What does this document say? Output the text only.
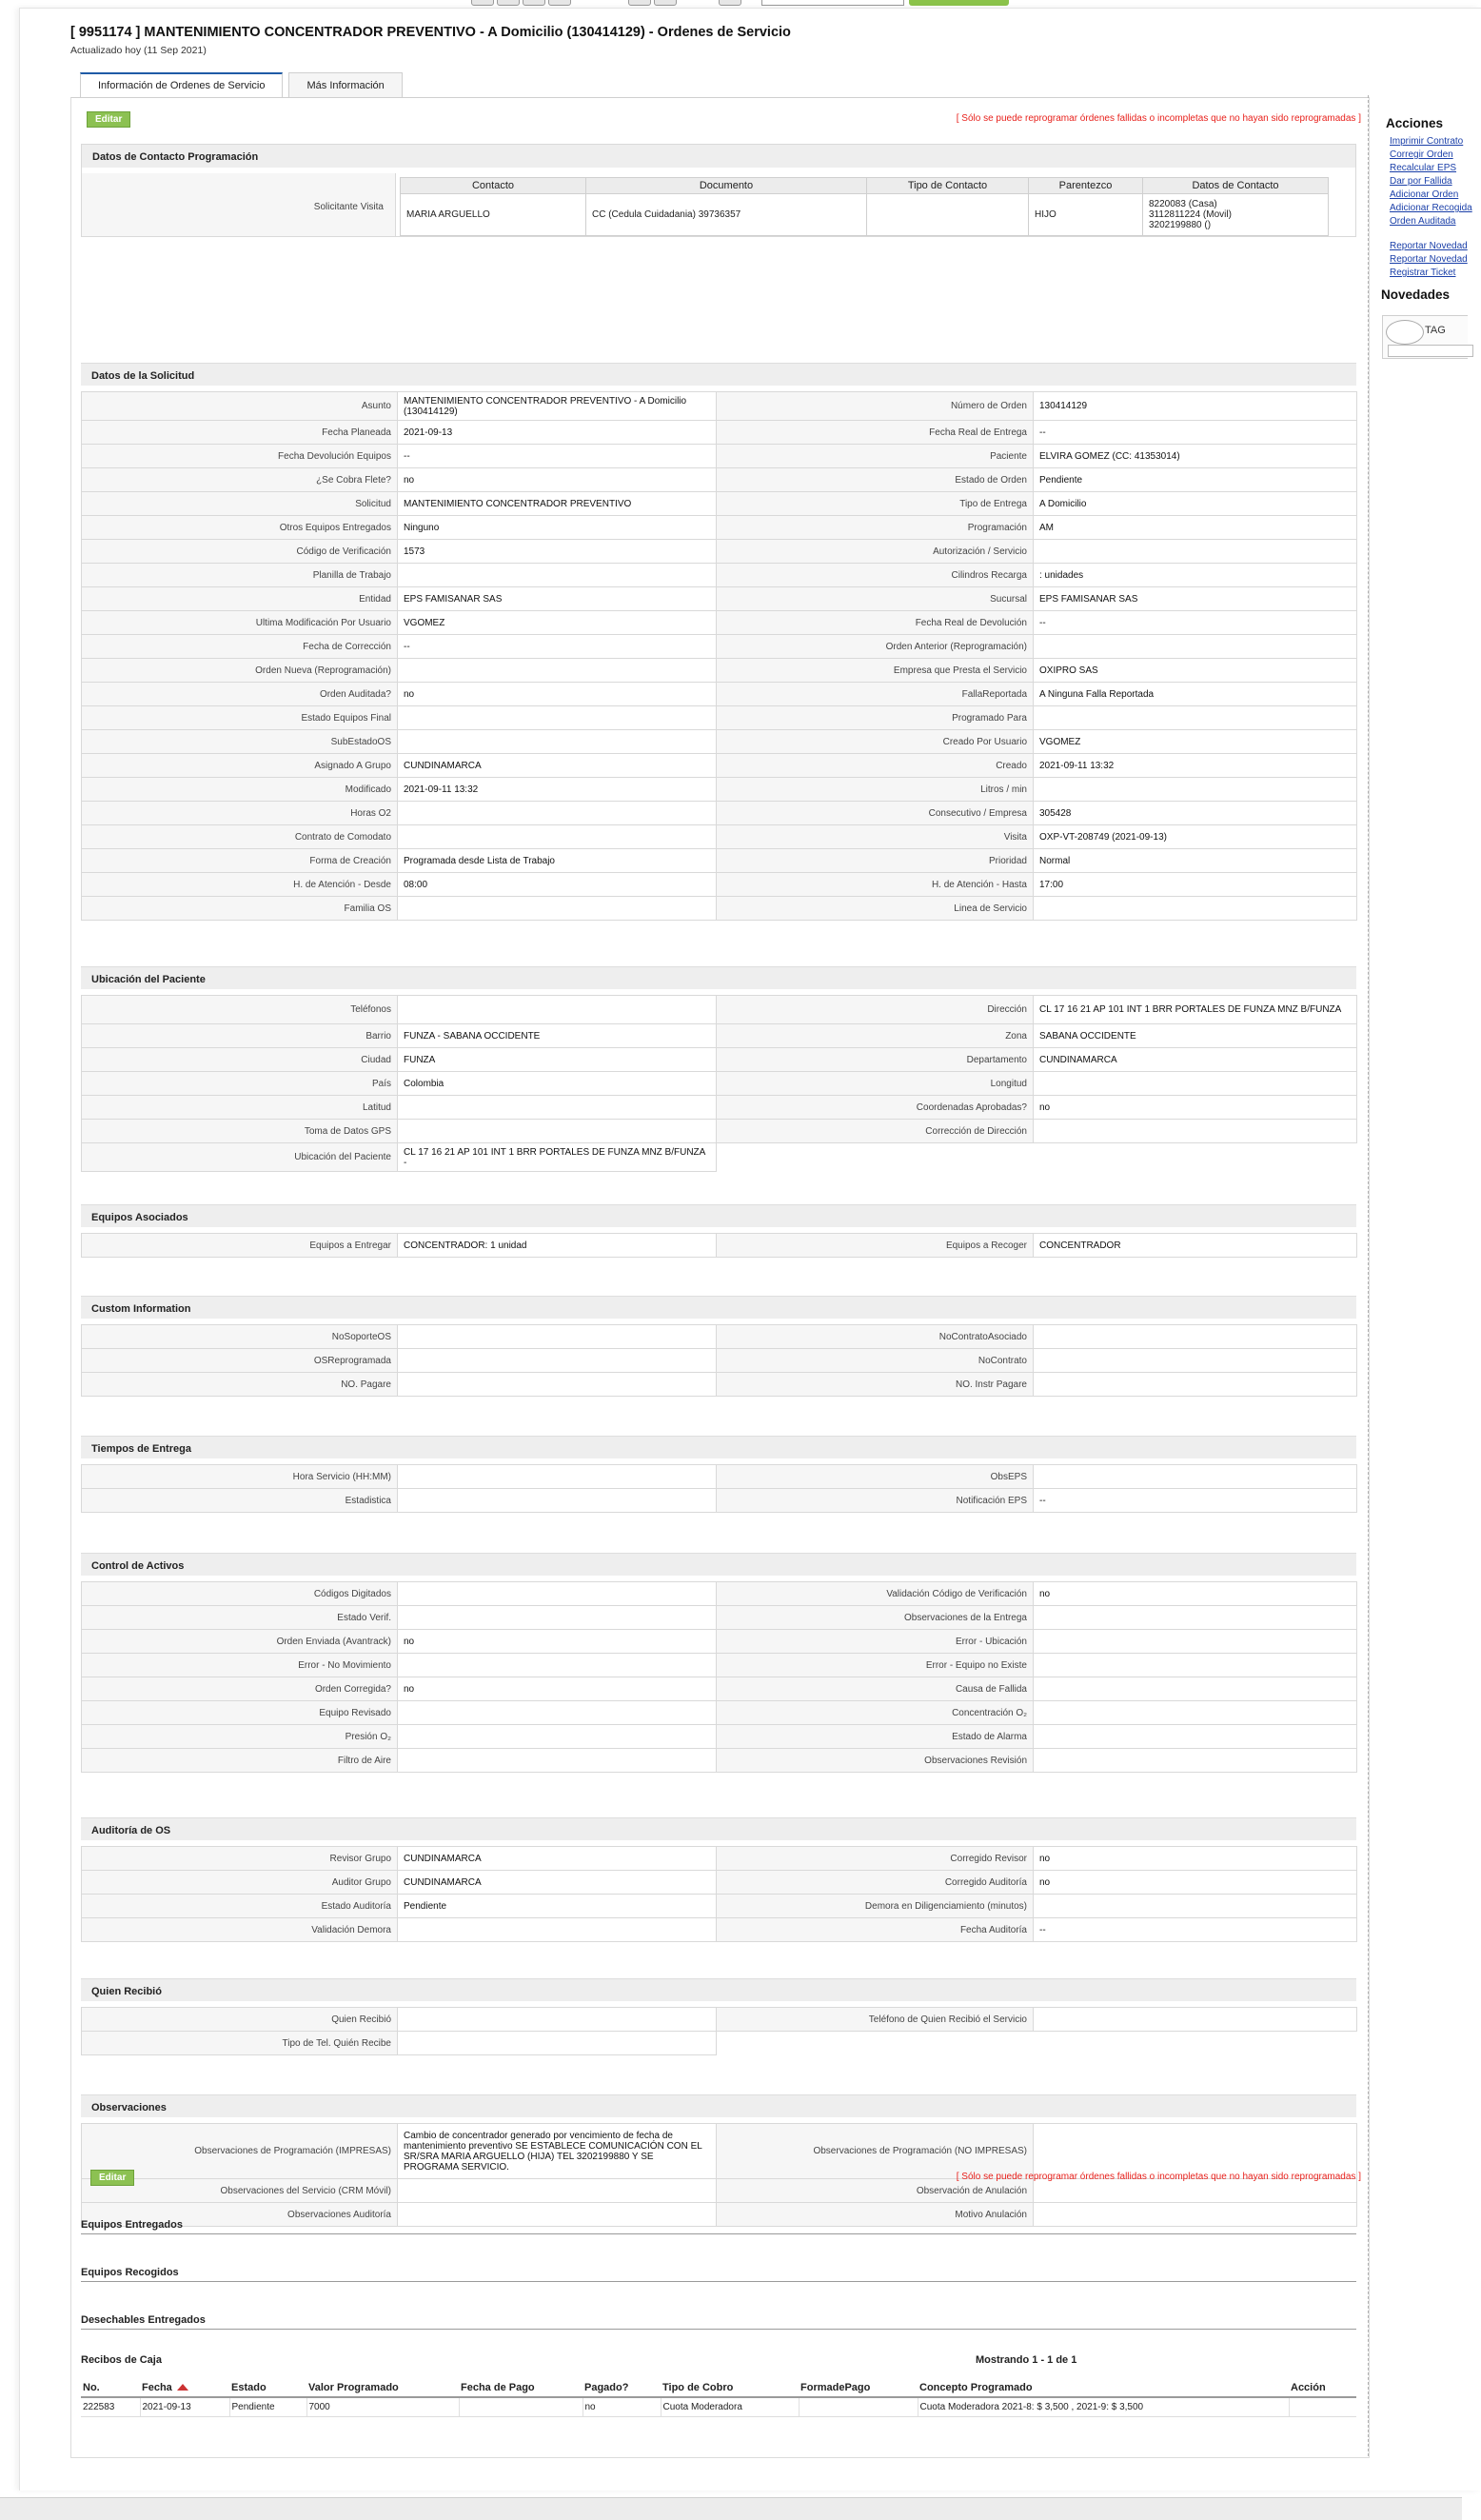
[ 9951174 ] MANTENIMIENTO CONCENTRADOR PREVENTIVO - A Domicilio (130414129) - Ordenes de Servicio
Actualizado hoy (11 Sep 2021)
Información de Ordenes de Servicio	Más Información
Editar	[ Sólo se puede reprogramar órdenes fallidas o incompletas que no hayan sido reprogramadas ]
Datos de Contacto Programación
Solicitante Visita
Contacto	Documento	Tipo de Contacto	Parentezco	Datos de Contacto
MARIA ARGUELLO	CC (Cedula Cuidadania) 39736357		HIJO	8220083 (Casa)
3112811224 (Movil)
3202199880 ()
Datos de la Solicitud
Asunto	MANTENIMIENTO CONCENTRADOR PREVENTIVO - A Domicilio (130414129)	Número de Orden	130414129
Fecha Planeada	2021-09-13	Fecha Real de Entrega	--
Fecha Devolución Equipos	--	Paciente	ELVIRA GOMEZ (CC: 41353014)
¿Se Cobra Flete?	no	Estado de Orden	Pendiente
Solicitud	MANTENIMIENTO CONCENTRADOR PREVENTIVO	Tipo de Entrega	A Domicilio
Otros Equipos Entregados	Ninguno	Programación	AM
Código de Verificación	1573	Autorización / Servicio	
Planilla de Trabajo		Cilindros Recarga	: unidades
Entidad	EPS FAMISANAR SAS	Sucursal	EPS FAMISANAR SAS
Ultima Modificación Por Usuario	VGOMEZ	Fecha Real de Devolución	--
Fecha de Corrección	--	Orden Anterior (Reprogramación)	
Orden Nueva (Reprogramación)		Empresa que Presta el Servicio	OXIPRO SAS
Orden Auditada?	no	FallaReportada	A Ninguna Falla Reportada
Estado Equipos Final		Programado Para	
SubEstadoOS		Creado Por Usuario	VGOMEZ
Asignado A Grupo	CUNDINAMARCA	Creado	2021-09-11 13:32
Modificado	2021-09-11 13:32	Litros / min	
Horas O2		Consecutivo / Empresa	305428
Contrato de Comodato		Visita	OXP-VT-208749 (2021-09-13)
Forma de Creación	Programada desde Lista de Trabajo	Prioridad	Normal
H. de Atención - Desde	08:00	H. de Atención - Hasta	17:00
Familia OS		Linea de Servicio	
Ubicación del Paciente
Teléfonos		Dirección	CL 17 16 21 AP 101 INT 1 BRR PORTALES DE FUNZA MNZ B/FUNZA
Barrio	FUNZA - SABANA OCCIDENTE	Zona	SABANA OCCIDENTE
Ciudad	FUNZA	Departamento	CUNDINAMARCA
País	Colombia	Longitud	
Latitud		Coordenadas Aprobadas?	no
Toma de Datos GPS		Corrección de Dirección	
Ubicación del Paciente	CL 17 16 21 AP 101 INT 1 BRR PORTALES DE FUNZA MNZ B/FUNZA -		
Equipos Asociados
Equipos a Entregar	CONCENTRADOR: 1 unidad	Equipos a Recoger	CONCENTRADOR
Custom Information
NoSoporteOS		NoContratoAsociado	
OSReprogramada		NoContrato	
NO. Pagare		NO. Instr Pagare	
Tiempos de Entrega
Hora Servicio (HH:MM)		ObsEPS	
Estadistica		Notificación EPS	--
Control de Activos
Códigos Digitados		Validación Código de Verificación	no
Estado Verif.		Observaciones de la Entrega	
Orden Enviada (Avantrack)	no	Error - Ubicación	
Error - No Movimiento		Error - Equipo no Existe	
Orden Corregida?	no	Causa de Fallida	
Equipo Revisado		Concentración O₂	
Presión O₂		Estado de Alarma	
Filtro de Aire		Observaciones Revisión	
Auditoría de OS
Revisor Grupo	CUNDINAMARCA	Corregido Revisor	no
Auditor Grupo	CUNDINAMARCA	Corregido Auditoría	no
Estado Auditoría	Pendiente	Demora en Diligenciamiento (minutos)	
Validación Demora		Fecha Auditoría	--
Quien Recibió
Quien Recibió		Teléfono de Quien Recibió el Servicio	
Tipo de Tel. Quién Recibe			
Observaciones
Observaciones de Programación (IMPRESAS)	Cambio de concentrador generado por vencimiento de fecha de mantenimiento preventivo SE ESTABLECE COMUNICACIÓN CON EL SR/SRA MARIA ARGUELLO (HIJA) TEL 3202199880 Y SE PROGRAMA SERVICIO.	Observaciones de Programación (NO IMPRESAS)	
Observaciones del Servicio (CRM Móvil)		Observación de Anulación	
Observaciones Auditoría		Motivo Anulación	
Editar	[ Sólo se puede reprogramar órdenes fallidas o incompletas que no hayan sido reprogramadas ]
Equipos Entregados
Equipos Recogidos
Desechables Entregados
Recibos de Caja	Mostrando 1 - 1 de 1
No.	Fecha	Estado	Valor Programado	Fecha de Pago	Pagado?	Tipo de Cobro	FormadePago	Concepto Programado	Acción
222583	2021-09-13	Pendiente	7000		no	Cuota Moderadora		Cuota Moderadora 2021-8: $ 3,500 , 2021-9: $ 3,500	
Acciones
Imprimir Contrato
Corregir Orden
Recalcular EPS
Dar por Fallida
Adicionar Orden
Adicionar Recogida
Orden Auditada
Reportar Novedad
Reportar Novedad
Registrar Ticket
Novedades
TAG
